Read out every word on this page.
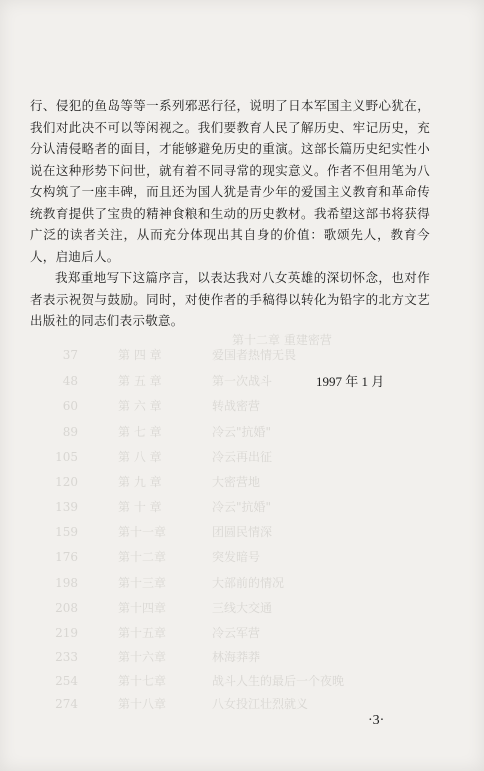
第十二章 重建密营
37	第 四 章	爱国者热情无畏
48	第 五 章	第一次战斗
60	第 六 章	转战密营
89	第 七 章	冷云"抗婚"
105	第 八 章	冷云再出征
120	第 九 章	大密营地
139	第 十 章	冷云"抗婚"
159	第十一章	团圆民情深
176	第十二章	突发暗号
198	第十三章	大部前的情况
208	第十四章	三线大交通
219	第十五章	冷云军营
233	第十六章	林海莽莽
254	第十七章	战斗人生的最后一个夜晚
274	第十八章	八女投江壮烈就义

行、侵犯的鱼岛等等一系列邪恶行径，说明了日本军国主义野心犹在，我们对此决不可以等闲视之。我们要教育人民了解历史、牢记历史，充分认清侵略者的面目，才能够避免历史的重演。这部长篇历史纪实性小说在这种形势下问世，就有着不同寻常的现实意义。作者不但用笔为八女构筑了一座丰碑，而且还为国人犹是青少年的爱国主义教育和革命传统教育提供了宝贵的精神食粮和生动的历史教材。我希望这部书将获得广泛的读者关注，从而充分体现出其自身的价值：歌颂先人，教育今人，启迪后人。

我郑重地写下这篇序言，以表达我对八女英雄的深切怀念，也对作者表示祝贺与鼓励。同时，对使作者的手稿得以转化为铅字的北方文艺出版社的同志们表示敬意。

1997 年 1 月
·3·
